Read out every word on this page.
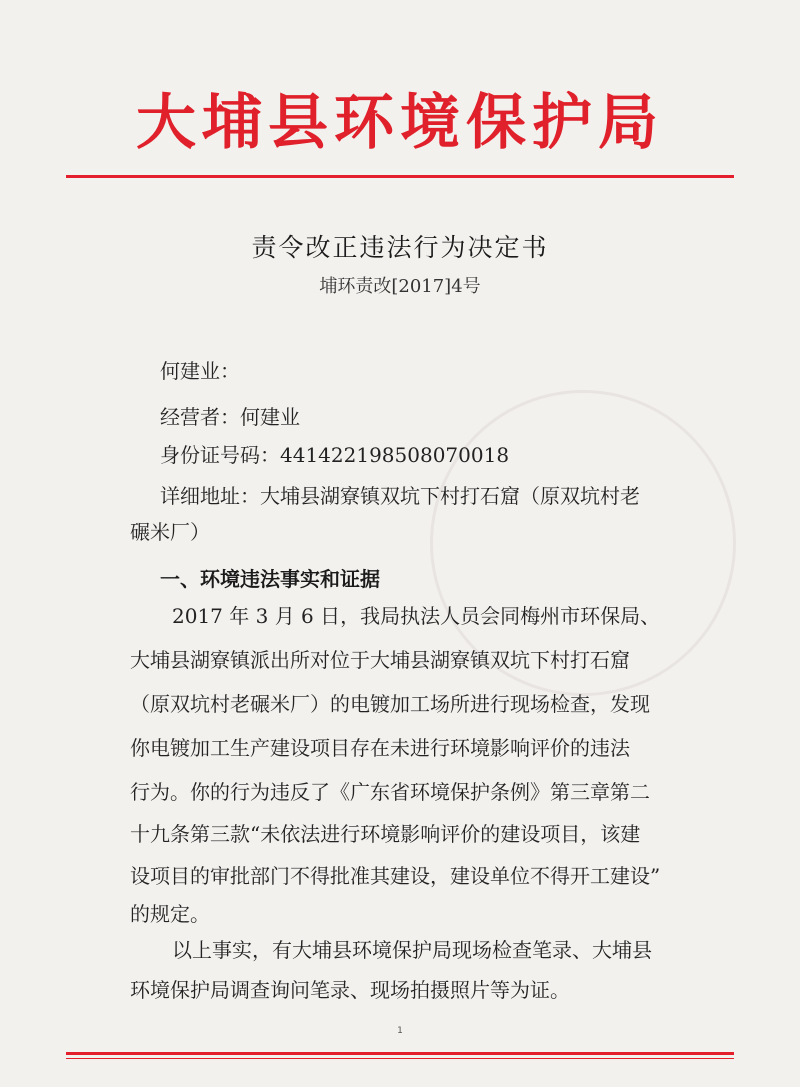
大埔县环境保护局
责令改正违法行为决定书
埔环责改[2017]4号
何建业：
经营者：何建业
身份证号码：441422198508070018
详细地址：大埔县湖寮镇双坑下村打石窟（原双坑村老
碾米厂）
一、环境违法事实和证据
2017 年 3 月 6 日，我局执法人员会同梅州市环保局、
大埔县湖寮镇派出所对位于大埔县湖寮镇双坑下村打石窟
（原双坑村老碾米厂）的电镀加工场所进行现场检查，发现
你电镀加工生产建设项目存在未进行环境影响评价的违法
行为。你的行为违反了《广东省环境保护条例》第三章第二
十九条第三款“未依法进行环境影响评价的建设项目，该建
设项目的审批部门不得批准其建设，建设单位不得开工建设”
的规定。
以上事实，有大埔县环境保护局现场检查笔录、大埔县
环境保护局调查询问笔录、现场拍摄照片等为证。
1
